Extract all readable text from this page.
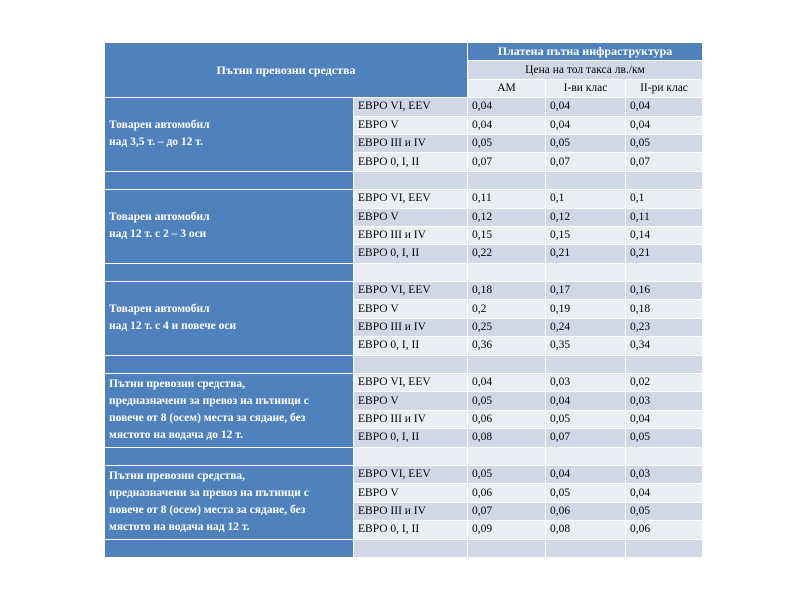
Пътни превозни средства		Платена пътна инфраструктура		
		Цена на тол такса лв./км		
		АМ	I-ви клас	II-ри клас

Товарен автомобил
над 3,5 т. – до 12 т.	ЕВРО VI, EEV	0,04	0,04	0,04
	ЕВРО V	0,04	0,04	0,04
	ЕВРО III и IV	0,05	0,05	0,05
	ЕВРО 0, I, II	0,07	0,07	0,07

Товарен автомобил
над 12 т. с 2 – 3 оси	ЕВРО VI, EEV	0,11	0,1	0,1
	ЕВРО V	0,12	0,12	0,11
	ЕВРО III и IV	0,15	0,15	0,14
	ЕВРО 0, I, II	0,22	0,21	0,21

Товарен автомобил
над 12 т. с 4 и повече оси	ЕВРО VI, EEV	0,18	0,17	0,16
	ЕВРО V	0,2	0,19	0,18
	ЕВРО III и IV	0,25	0,24	0,23
	ЕВРО 0, I, II	0,36	0,35	0,34

Пътни превозни средства,
предназначени за превоз на пътници с
повече от 8 (осем) места за сядане, без
мястото на водача до 12 т.	ЕВРО VI, EEV	0,04	0,03	0,02
	ЕВРО V	0,05	0,04	0,03
	ЕВРО III и IV	0,06	0,05	0,04
	ЕВРО 0, I, II	0,08	0,07	0,05

Пътни превозни средства,
предназначени за превоз на пътници с
повече от 8 (осем) места за сядане, без
мястото на водача над 12 т.	ЕВРО VI, EEV	0,05	0,04	0,03
	ЕВРО V	0,06	0,05	0,04
	ЕВРО III и IV	0,07	0,06	0,05
	ЕВРО 0, I, II	0,09	0,08	0,06
